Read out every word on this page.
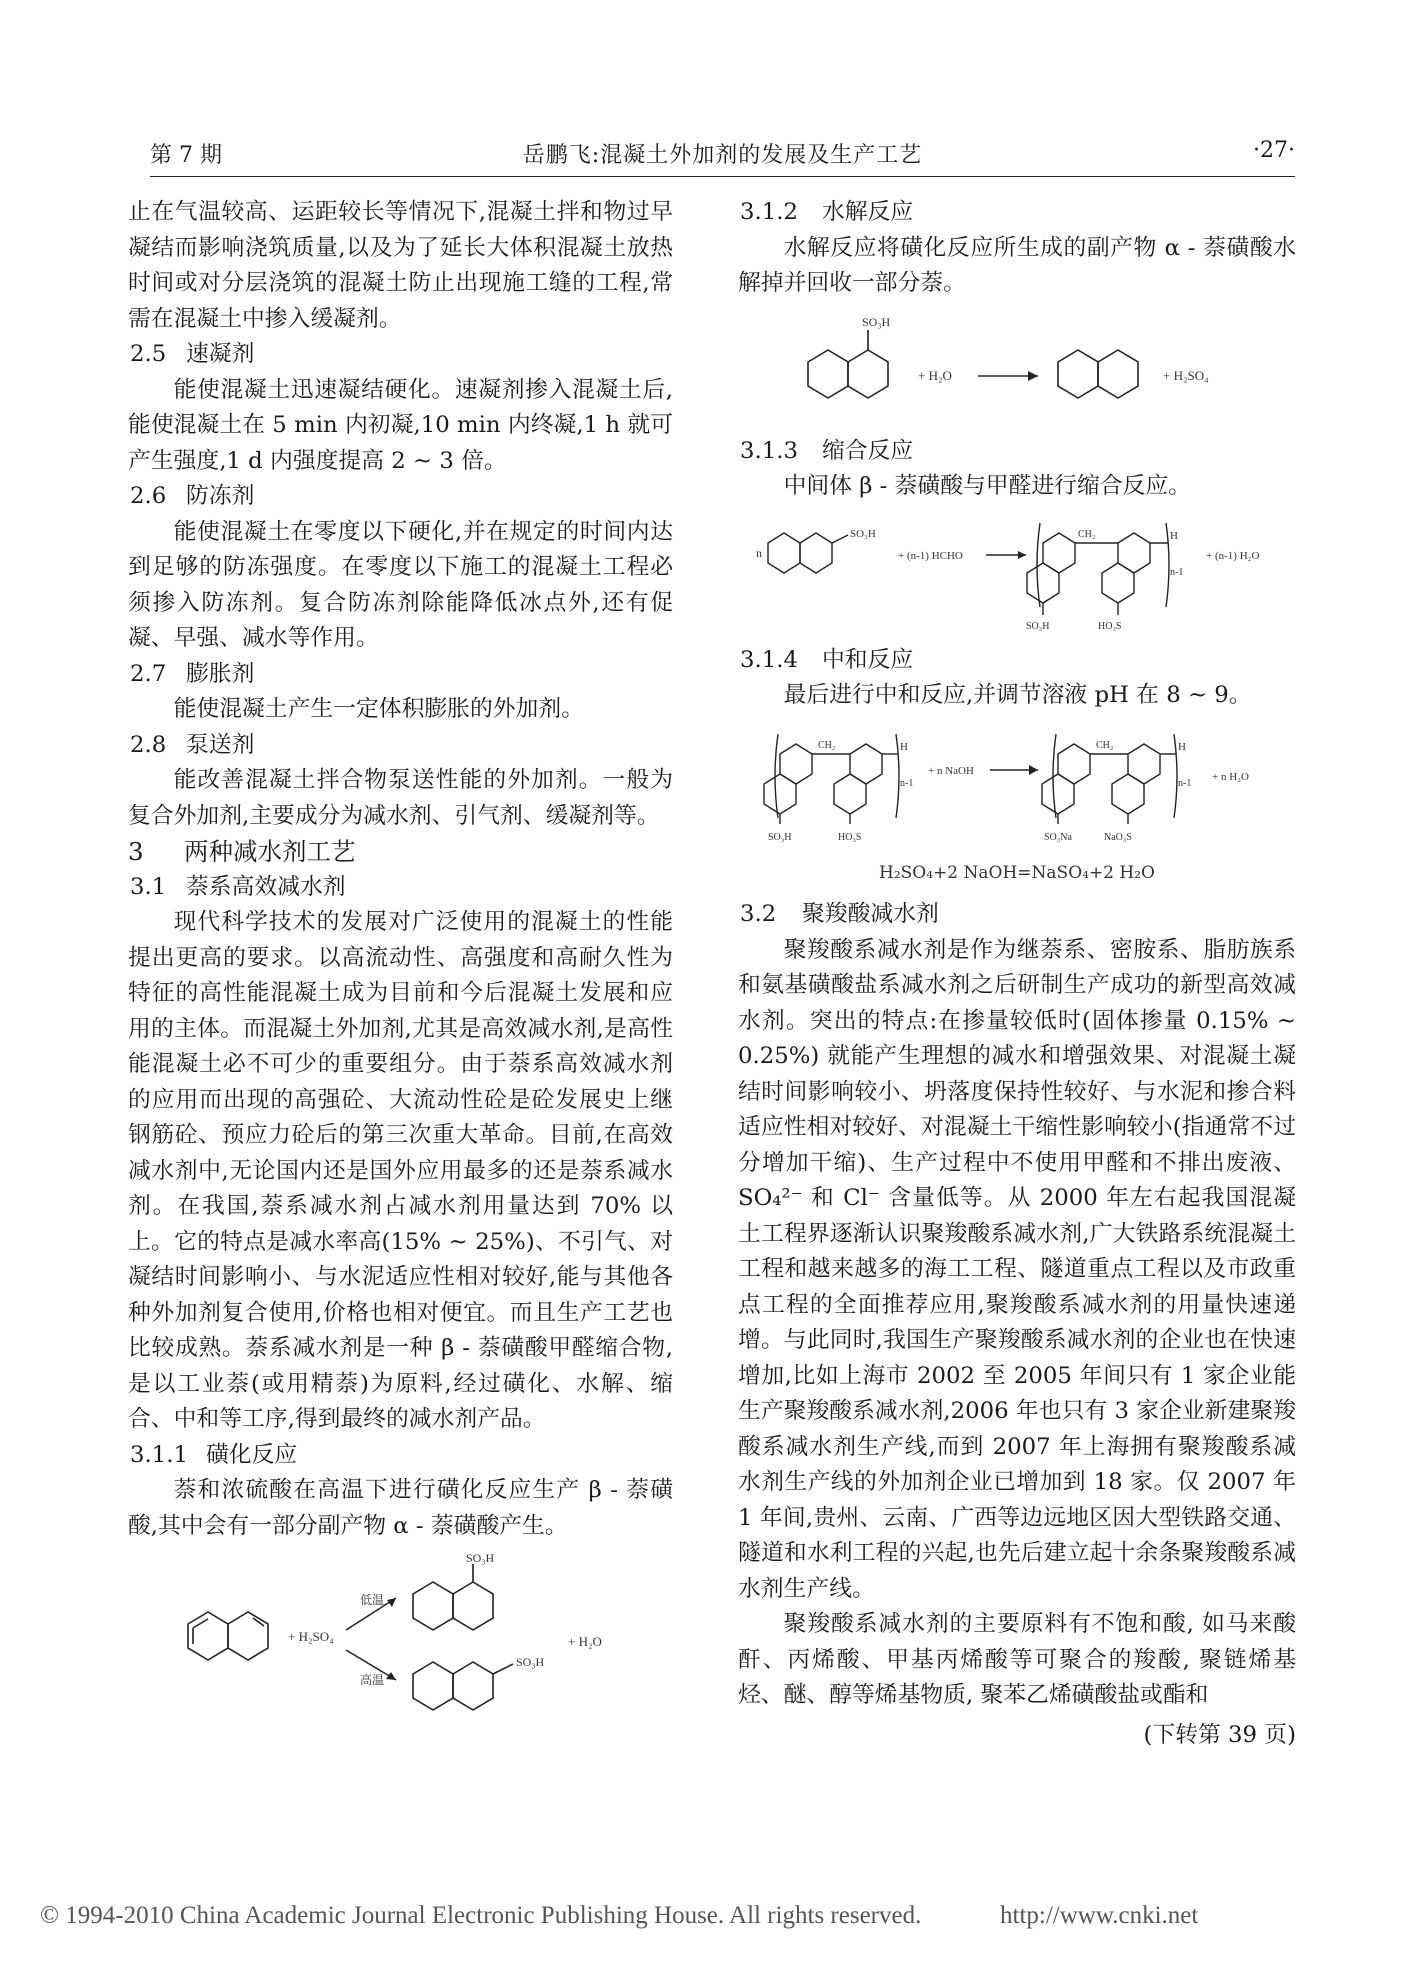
第 7 期	岳鹏飞:混凝土外加剂的发展及生产工艺	·27·

止在气温较高、运距较长等情况下,混凝土拌和物过早凝结而影响浇筑质量,以及为了延长大体积混凝土放热时间或对分层浇筑的混凝土防止出现施工缝的工程,常需在混凝土中掺入缓凝剂。

2.5 速凝剂

能使混凝土迅速凝结硬化。速凝剂掺入混凝土后,能使混凝土在 5 min 内初凝,10 min 内终凝,1 h 就可产生强度,1 d 内强度提高 2 ~ 3 倍。

2.6 防冻剂

能使混凝土在零度以下硬化,并在规定的时间内达到足够的防冻强度。在零度以下施工的混凝土工程必须掺入防冻剂。复合防冻剂除能降低冰点外,还有促凝、早强、减水等作用。

2.7 膨胀剂

能使混凝土产生一定体积膨胀的外加剂。

2.8 泵送剂

能改善混凝土拌合物泵送性能的外加剂。一般为复合外加剂,主要成分为减水剂、引气剂、缓凝剂等。

3 两种减水剂工艺

3.1 萘系高效减水剂

现代科学技术的发展对广泛使用的混凝土的性能提出更高的要求。以高流动性、高强度和高耐久性为特征的高性能混凝土成为目前和今后混凝土发展和应用的主体。而混凝土外加剂,尤其是高效减水剂,是高性能混凝土必不可少的重要组分。由于萘系高效减水剂的应用而出现的高强砼、大流动性砼是砼发展史上继钢筋砼、预应力砼后的第三次重大革命。目前,在高效减水剂中,无论国内还是国外应用最多的还是萘系减水剂。在我国,萘系减水剂占减水剂用量达到 70% 以上。它的特点是减水率高(15% ~ 25%)、不引气、对凝结时间影响小、与水泥适应性相对较好,能与其他各种外加剂复合使用,价格也相对便宜。而且生产工艺也比较成熟。萘系减水剂是一种 β - 萘磺酸甲醛缩合物,是以工业萘(或用精萘)为原料,经过磺化、水解、缩合、中和等工序,得到最终的减水剂产品。

3.1.1 磺化反应

萘和浓硫酸在高温下进行磺化反应生产 β - 萘磺酸,其中会有一部分副产物 α - 萘磺酸产生。

+ H₂SO₄
低温
高温
SO₃H
SO₃H
+ H₂O

3.1.2 水解反应

水解反应将磺化反应所生成的副产物 α - 萘磺酸水解掉并回收一部分萘。

SO₃H
+ H₂O	+ H₂SO₄

3.1.3 缩合反应

中间体 β - 萘磺酸与甲醛进行缩合反应。

n
SO₃H
+ (n-1) HCHO
CH₂	H
n-1
+ (n-1) H₂O
SO₃H	HO₃S

3.1.4 中和反应

最后进行中和反应,并调节溶液 pH 在 8 ~ 9。

CH₂	H
n-1
+ n NaOH
SO₃H	HO₃S
CH₂	H
n-1
+ n H₂O
SO₃Na	NaO₃S
H₂SO₄+2 NaOH=NaSO₄+2 H₂O

3.2 聚羧酸减水剂

聚羧酸系减水剂是作为继萘系、密胺系、脂肪族系和氨基磺酸盐系减水剂之后研制生产成功的新型高效减水剂。突出的特点:在掺量较低时(固体掺量 0.15% ~ 0.25%) 就能产生理想的减水和增强效果、对混凝土凝结时间影响较小、坍落度保持性较好、与水泥和掺合料适应性相对较好、对混凝土干缩性影响较小(指通常不过分增加干缩)、生产过程中不使用甲醛和不排出废液、SO₄²⁻ 和 Cl⁻ 含量低等。从 2000 年左右起我国混凝土工程界逐渐认识聚羧酸系减水剂,广大铁路系统混凝土工程和越来越多的海工工程、隧道重点工程以及市政重点工程的全面推荐应用,聚羧酸系减水剂的用量快速递增。与此同时,我国生产聚羧酸系减水剂的企业也在快速增加,比如上海市 2002 至 2005 年间只有 1 家企业能生产聚羧酸系减水剂,2006 年也只有 3 家企业新建聚羧酸系减水剂生产线,而到 2007 年上海拥有聚羧酸系减水剂生产线的外加剂企业已增加到 18 家。仅 2007 年 1 年间,贵州、云南、广西等边远地区因大型铁路交通、隧道和水利工程的兴起,也先后建立起十余条聚羧酸系减水剂生产线。

聚羧酸系减水剂的主要原料有不饱和酸, 如马来酸酐、丙烯酸、甲基丙烯酸等可聚合的羧酸, 聚链烯基烃、醚、醇等烯基物质, 聚苯乙烯磺酸盐或酯和

(下转第 39 页)
© 1994-2010 China Academic Journal Electronic Publishing House. All rights reserved.	http://www.cnki.net
